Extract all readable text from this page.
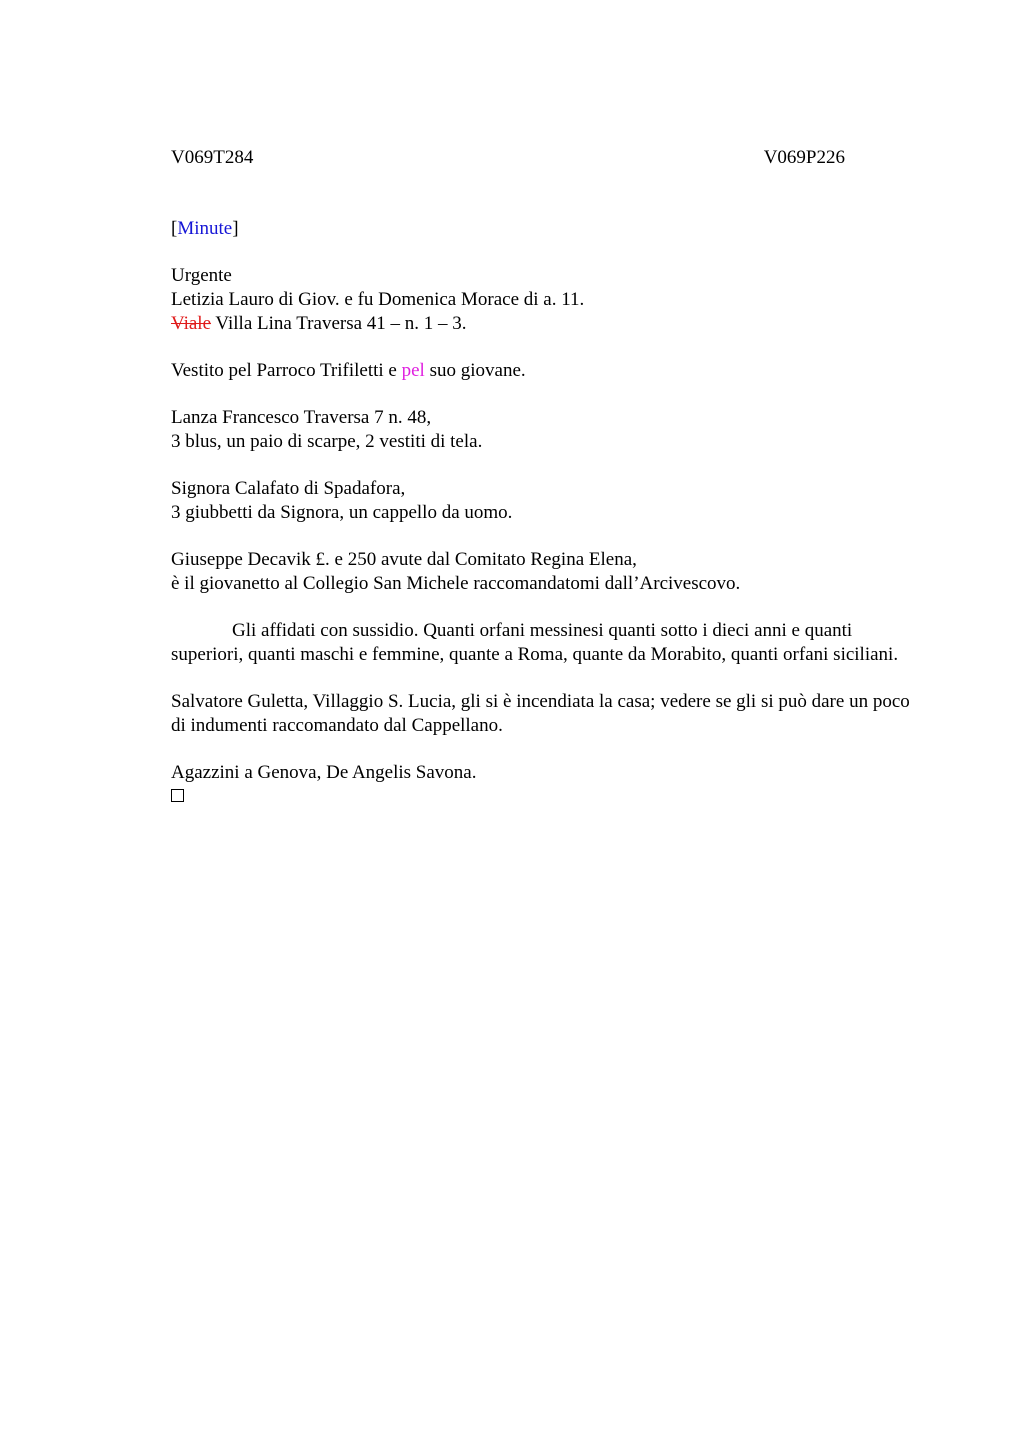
V069T284	V069P226

[Minute]

Urgente

Letizia Lauro di Giov. e fu Domenica Morace di a. 11.

Viale Villa Lina Traversa 41 – n. 1 – 3.

Vestito pel Parroco Trifiletti e pel suo giovane.

Lanza Francesco Traversa 7 n. 48,

3 blus, un paio di scarpe, 2 vestiti di tela.

Signora Calafato di Spadafora,

3 giubbetti da Signora, un cappello da uomo.

Giuseppe Decavik £. e 250 avute dal Comitato Regina Elena,

è il giovanetto al Collegio San Michele raccomandatomi dall’Arcivescovo.

Gli affidati con sussidio. Quanti orfani messinesi quanti sotto i dieci anni e quanti superiori, quanti maschi e femmine, quante a Roma, quante da Morabito, quanti orfani siciliani.

Salvatore Guletta, Villaggio S. Lucia, gli si è incendiata la casa; vedere se gli si può dare un poco di indumenti raccomandato dal Cappellano.

Agazzini a Genova, De Angelis Savona.
